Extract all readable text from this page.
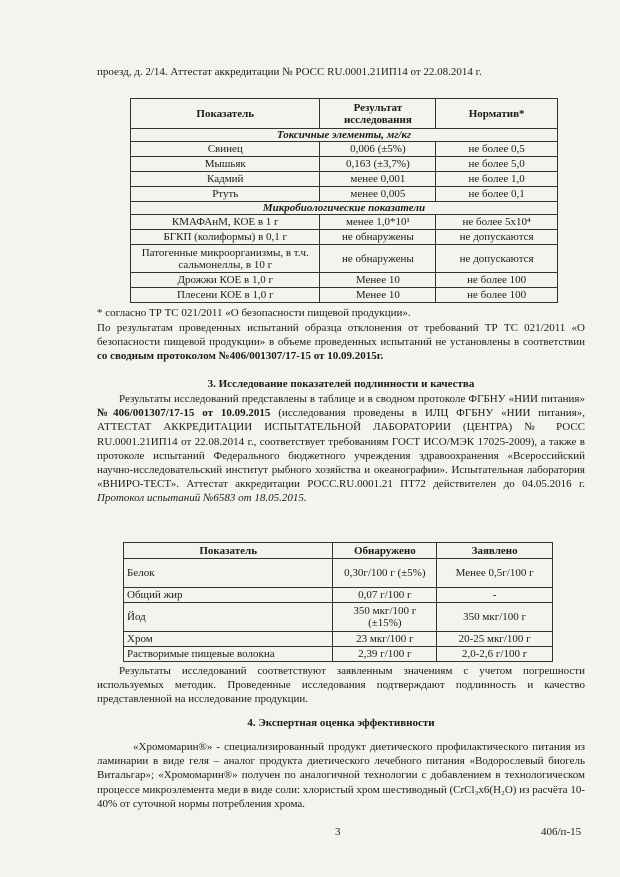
проезд, д. 2/14. Аттестат аккредитации № РОСС RU.0001.21ИП14 от 22.08.2014 г.
Показатель	Результат исследования	Норматив*
Токсичные элементы, мг/кг		
Свинец	0,006 (±5%)	не более 0,5
Мышьяк	0,163 (±3,7%)	не более 5,0
Кадмий	менее 0,001	не более 1,0
Ртуть	менее 0,005	не более 0,1
Микробиологические показатели		
КМАФАнМ, КОЕ в 1 г	менее 1,0*10¹	не более 5х10⁴
БГКП (колиформы) в 0,1 г	не обнаружены	не допускаются
Патогенные микроорганизмы, в т.ч. сальмонеллы, в 10 г	не обнаружены	не допускаются
Дрожжи КОЕ в 1,0 г	Менее 10	не более 100
Плесени КОЕ в 1,0 г	Менее 10	не более 100
* согласно ТР ТС 021/2011 «О безопасности пищевой продукции».
По результатам проведенных испытаний образца отклонения от требований ТР ТС 021/2011 «О безопасности пищевой продукции» в объеме проведенных испытаний не установлены в соответствии со сводным протоколом №406/001307/17-15 от 10.09.2015г.
3. Исследование показателей подлинности и качества
Результаты исследований представлены в таблице и в сводном протоколе ФГБНУ «НИИ питания» №406/001307/17-15 от 10.09.2015 (исследования проведены в ИЛЦ ФГБНУ «НИИ питания», АТТЕСТАТ АККРЕДИТАЦИИ ИСПЫТАТЕЛЬНОЙ ЛАБОРАТОРИИ (ЦЕНТРА) № РОСС RU.0001.21ИП14 от 22.08.2014 г., соответствует требованиям ГОСТ ИСО/МЭК 17025-2009), а также в протоколе испытаний Федерального бюджетного учреждения здравоохранения «Всероссийский научно-исследовательский институт рыбного хозяйства и океанографии». Испытательная лаборатория «ВНИРО-ТЕСТ». Аттестат аккредитации РОСС.RU.0001.21 ПТ72 действителен до 04.05.2016 г. Протокол испытаний №6583 от 18.05.2015.
Показатель	Обнаружено	Заявлено
Белок	0,30г/100 г (±5%)	Менее 0,5г/100 г
Общий жир	0,07 г/100 г	-
Йод	350 мкг/100 г (±15%)	350 мкг/100 г
Хром	23 мкг/100 г	20-25 мкг/100 г
Растворимые пищевые волокна	2,39 г/100 г	2,0-2,6 г/100 г
Результаты исследований соответствуют заявленным значениям с учетом погрешности используемых методик. Проведенные исследования подтверждают подлинность и качество представленной на исследование продукции.
4. Экспертная оценка эффективности
«Хромомарин®» - специализированный продукт диетического профилактического питания из ламинарии в виде геля – аналог продукта диетического лечебного питания «Водорослевый биогель Витальгар»; «Хромомарин®» получен по аналогичной технологии с добавлением в технологическом процессе микроэлемента меди в виде соли: хлористый хром шестиводный (CrCl₃х6(H₂O) из расчёта 10-40% от суточной нормы потребления хрома.
3	406/п-15
